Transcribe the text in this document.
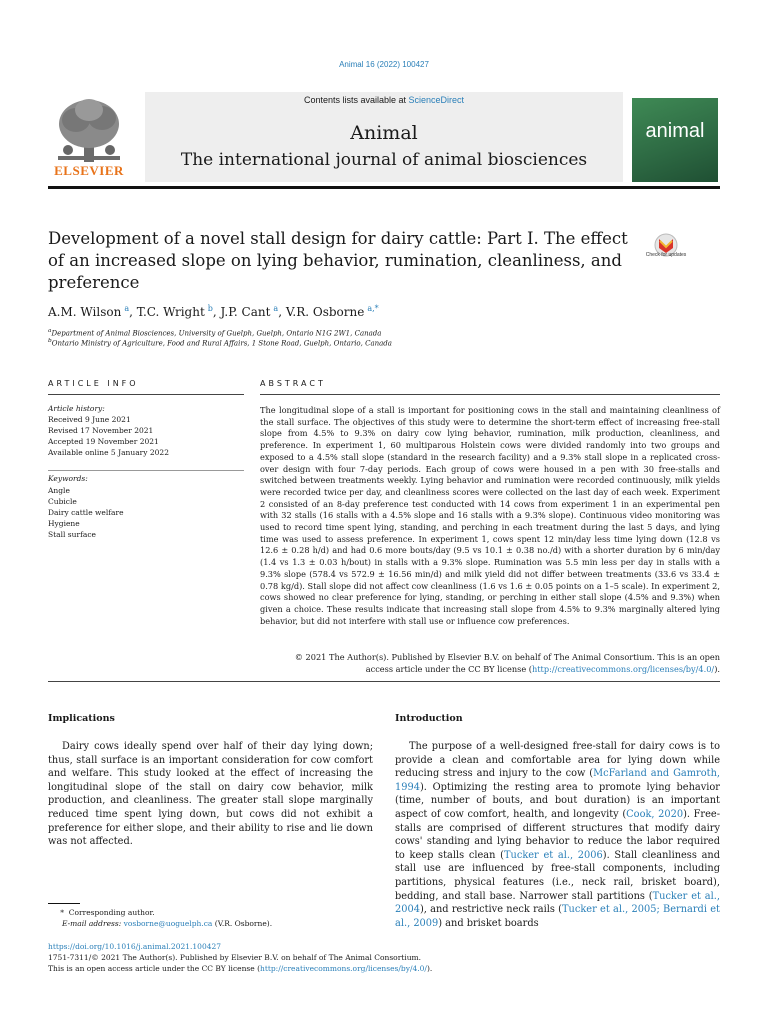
Animal 16 (2022) 100427
Contents lists available at ScienceDirect
Animal
The international journal of animal biosciences
ELSEVIER
animal
Development of a novel stall design for dairy cattle: Part I. The effect of an increased slope on lying behavior, rumination, cleanliness, and preference
Check for updates
A.M. Wilson $^a$, T.C. Wright $^b$, J.P. Cant $^a$, V.R. Osborne $^{a,*}$
$^a$Department of Animal Biosciences, University of Guelph, Guelph, Ontario N1G 2W1, Canada
$^b$Ontario Ministry of Agriculture, Food and Rural Affairs, 1 Stone Road, Guelph, Ontario, Canada
ARTICLE INFO	ABSTRACT
Article history:
Received 9 June 2021
Revised 17 November 2021
Accepted 19 November 2021
Available online 5 January 2022
Keywords:
Angle
Cubicle
Dairy cattle welfare
Hygiene
Stall surface
The longitudinal slope of a stall is important for positioning cows in the stall and maintaining cleanliness of the stall surface. The objectives of this study were to determine the short-term effect of increasing free-stall slope from 4.5% to 9.3% on dairy cow lying behavior, rumination, milk production, cleanliness, and preference. In experiment 1, 60 multiparous Holstein cows were divided randomly into two groups and exposed to a 4.5% stall slope (standard in the research facility) and a 9.3% stall slope in a replicated cross-over design with four 7-day periods. Each group of cows were housed in a pen with 30 free-stalls and switched between treatments weekly. Lying behavior and rumination were recorded continuously, milk yields were recorded twice per day, and cleanliness scores were collected on the last day of each week. Experiment 2 consisted of an 8-day preference test conducted with 14 cows from experiment 1 in an experimental pen with 32 stalls (16 stalls with a 4.5% slope and 16 stalls with a 9.3% slope). Continuous video monitoring was used to record time spent lying, standing, and perching in each treatment during the last 5 days, and lying time was used to assess preference. In experiment 1, cows spent 12 min/day less time lying down (12.8 vs 12.6 ± 0.28 h/d) and had 0.6 more bouts/day (9.5 vs 10.1 ± 0.38 no./d) with a shorter duration by 6 min/day (1.4 vs 1.3 ± 0.03 h/bout) in stalls with a 9.3% slope. Rumination was 5.5 min less per day in stalls with a 9.3% slope (578.4 vs 572.9 ± 16.56 min/d) and milk yield did not differ between treatments (33.6 vs 33.4 ± 0.78 kg/d). Stall slope did not affect cow cleanliness (1.6 vs 1.6 ± 0.05 points on a 1–5 scale). In experiment 2, cows showed no clear preference for lying, standing, or perching in either stall slope (4.5% and 9.3%) when given a choice. These results indicate that increasing stall slope from 4.5% to 9.3% marginally altered lying behavior, but did not interfere with stall use or influence cow preferences.
© 2021 The Author(s). Published by Elsevier B.V. on behalf of The Animal Consortium. This is an open
access article under the CC BY license (http://creativecommons.org/licenses/by/4.0/).
Implications
Dairy cows ideally spend over half of their day lying down; thus, stall surface is an important consideration for cow comfort and welfare. This study looked at the effect of increasing the longitudinal slope of the stall on dairy cow behavior, milk production, and cleanliness. The greater stall slope marginally reduced time spent lying down, but cows did not exhibit a preference for either slope, and their ability to rise and lie down was not affected.
Introduction
The purpose of a well-designed free-stall for dairy cows is to provide a clean and comfortable area for lying down while reducing stress and injury to the cow (McFarland and Gamroth, 1994). Optimizing the resting area to promote lying behavior (time, number of bouts, and bout duration) is an important aspect of cow comfort, health, and longevity (Cook, 2020). Free-stalls are comprised of different structures that modify dairy cows' standing and lying behavior to reduce the labor required to keep stalls clean (Tucker et al., 2006). Stall cleanliness and stall use are influenced by free-stall components, including partitions, physical features (i.e., neck rail, brisket board), bedding, and stall base. Narrower stall partitions (Tucker et al., 2004), and restrictive neck rails (Tucker et al., 2005; Bernardi et al., 2009) and brisket boards
* Corresponding author.
E-mail address: vosborne@uoguelph.ca (V.R. Osborne).
https://doi.org/10.1016/j.animal.2021.100427
1751-7311/© 2021 The Author(s). Published by Elsevier B.V. on behalf of The Animal Consortium.
This is an open access article under the CC BY license (http://creativecommons.org/licenses/by/4.0/).
